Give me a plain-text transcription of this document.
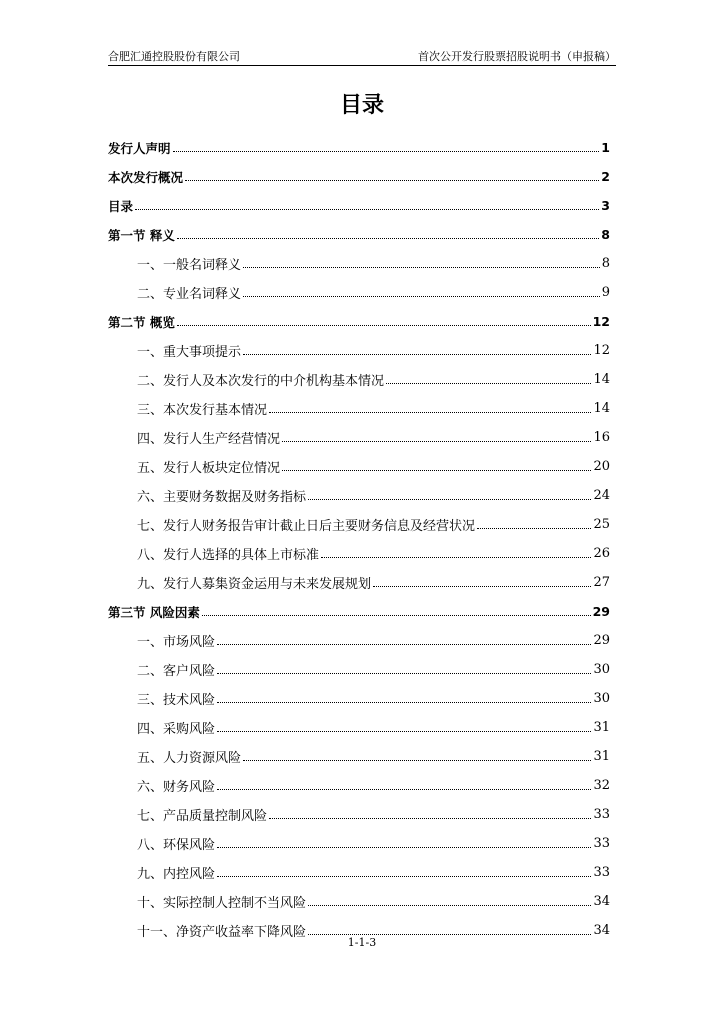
合肥汇通控股股份有限公司	首次公开发行股票招股说明书（申报稿）
目录
发行人声明	1
本次发行概况	2
目录	3
第一节 释义	8
一、一般名词释义	8
二、专业名词释义	9
第二节 概览	12
一、重大事项提示	12
二、发行人及本次发行的中介机构基本情况	14
三、本次发行基本情况	14
四、发行人生产经营情况	16
五、发行人板块定位情况	20
六、主要财务数据及财务指标	24
七、发行人财务报告审计截止日后主要财务信息及经营状况	25
八、发行人选择的具体上市标准	26
九、发行人募集资金运用与未来发展规划	27
第三节 风险因素	29
一、市场风险	29
二、客户风险	30
三、技术风险	30
四、采购风险	31
五、人力资源风险	31
六、财务风险	32
七、产品质量控制风险	33
八、环保风险	33
九、内控风险	33
十、实际控制人控制不当风险	34
十一、净资产收益率下降风险	34
1-1-3
